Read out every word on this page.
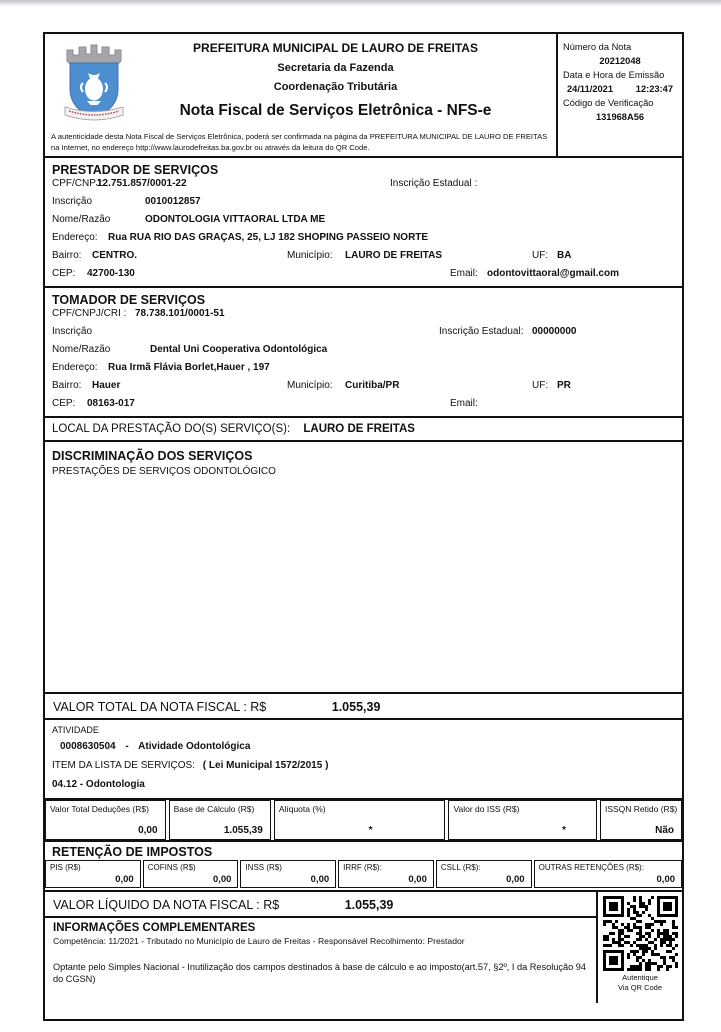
PREFEITURA MUNICIPAL DE LAURO DE FREITAS
Secretaria da Fazenda
Coordenação Tributária
Nota Fiscal de Serviços Eletrônica - NFS-e
A autenticidade desta Nota Fiscal de Serviços Eletrônica, poderá ser confirmada na página da PREFEITURA MUNICIPAL DE LAURO DE FREITAS na Internet, no endereço http://www.laurodefreitas.ba.gov.br ou através da leitura do QR Code.
Número da Nota
20212048
Data e Hora de Emissão
24/11/2021 12:23:47
Código de Verificação
131968A56
PRESTADOR DE SERVIÇOS
CPF/CNPJ:
12.751.857/0001-22	Inscrição Estadual :
Inscrição	0010012857
Nome/Razão	ODONTOLOGIA VITTAORAL LTDA ME
Endereço: Rua RUA RIO DAS GRAÇAS, 25, LJ 182 SHOPING PASSEIO NORTE
Bairro: CENTRO.	Município: LAURO DE FREITAS	UF: BA
CEP: 42700-130	Email: odontovittaoral@gmail.com
TOMADOR DE SERVIÇOS
CPF/CNPJ/CRI : 78.738.101/0001-51
Inscrição	Inscrição Estadual: 00000000
Nome/Razão	Dental Uni Cooperativa Odontológica
Endereço: Rua Irmã Flávia Borlet,Hauer , 197
Bairro: Hauer	Município: Curitiba/PR	UF: PR
CEP: 08163-017	Email:
LOCAL DA PRESTAÇÃO DO(S) SERVIÇO(S): LAURO DE FREITAS
DISCRIMINAÇÃO DOS SERVIÇOS
PRESTAÇÕES DE SERVIÇOS ODONTOLÓGICO
VALOR TOTAL DA NOTA FISCAL : R$	1.055,39
ATIVIDADE
0008630504 - Atividade Odontológica
ITEM DA LISTA DE SERVIÇOS: ( Lei Municipal 1572/2015 )
04.12 - Odontologia
Valor Total Deduções (R$)
0,00
Base de Cálculo (R$)
1.055,39
Alíquota (%)
*
Valor do ISS (R$)
*
ISSQN Retido (R$)
Não
RETENÇÃO DE IMPOSTOS
PIS (R$)
0,00
COFINS (R$)
0,00
INSS (R$)
0,00
IRRF (R$):
0,00
CSLL (R$):
0,00
OUTRAS RETENÇÕES (R$):
0,00
VALOR LÍQUIDO DA NOTA FISCAL : R$	1.055,39
INFORMAÇÕES COMPLEMENTARES
Competência: 11/2021 - Tributado no Município de Lauro de Freitas - Responsável Recolhimento: Prestador
Optante pelo Simples Nacional - Inutilização dos campos destinados à base de cálculo e ao imposto(art.57, §2º, I da Resolução 94 do CGSN)	Autentique
Via QR Code
